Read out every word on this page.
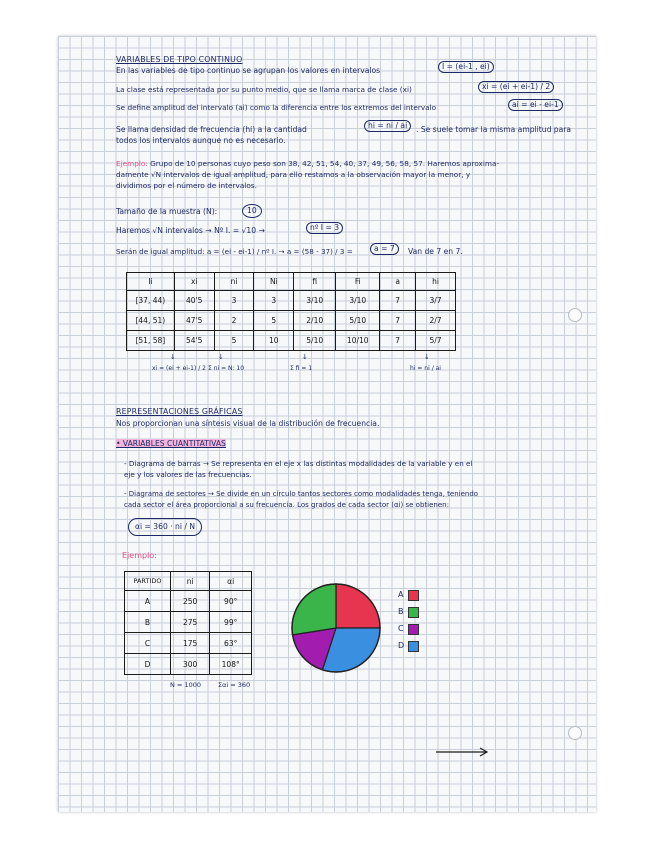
VARIABLES DE TIPO CONTINUO
En las variables de tipo continuo se agrupan los valores en intervalos	I = (ei-1 , ei)
La clase está representada por su punto medio, que se llama marca de clase (xi)	xi = (ei + ei-1) / 2
Se define amplitud del intervalo (ai) como la diferencia entre los extremos del intervalo	ai = ei - ei-1
Se llama densidad de frecuencia (hi) a la cantidad	hi = ni / ai	. Se suele tomar la misma amplitud para
todos los intervalos aunque no es necesario.
Ejemplo: Grupo de 10 personas cuyo peso son 38, 42, 51, 54, 40, 37, 49, 56, 58, 57. Haremos aproxima-
damente √N intervalos de igual amplitud, para ello restamos a la observación mayor la menor, y
dividimos por el número de intervalos.
Tamaño de la muestra (N):	10
Haremos √N intervalos → Nº I. = √10 →	nº I = 3
Serán de igual amplitud: a = (ei - ei-1) / nº I. → a = (58 - 37) / 3 =	a = 7	Van de 7 en 7.
Ii	xi	ni	Ni	fi	Fi	a	hi
[37, 44)	40'5	3	3	3/10	3/10	7	3/7
[44, 51)	47'5	2	5	2/10	5/10	7	2/7
[51, 58]	54'5	5	10	5/10	10/10	7	5/7
↓	↓	↓	↓
xi = (ei + ei-1) / 2 Σ ni = N: 10	Σ fi = 1	hi = ni / ai
REPRESENTACIONES GRÁFICAS
Nos proporcionan una síntesis visual de la distribución de frecuencia.
• VARIABLES CUANTITATIVAS
- Diagrama de barras → Se representa en el eje x las distintas modalidades de la variable y en el
eje y los valores de las frecuencias.
- Diagrama de sectores → Se divide en un círculo tantos sectores como modalidades tenga, teniendo
cada sector el área proporcional a su frecuencia. Los grados de cada sector (αi) se obtienen:
αi = 360 · ni / N
Ejemplo:
PARTIDO	ni	αi
A	250	90°
B	275	99°
C	175	63°
D	300	108°
N = 1000	Σαi = 360
A
B
C
D
